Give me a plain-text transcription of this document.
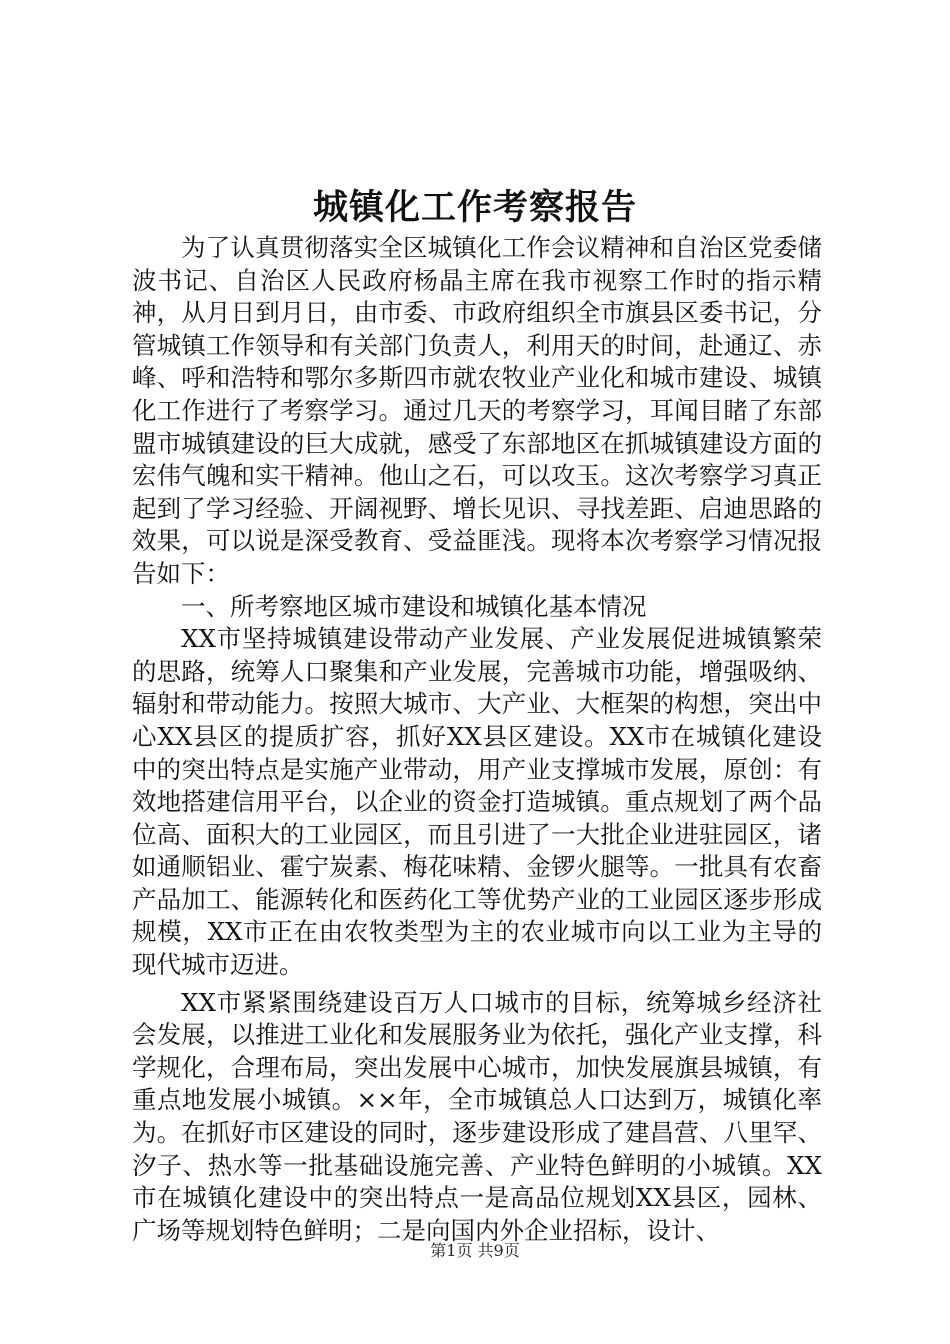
城镇化工作考察报告

为了认真贯彻落实全区城镇化工作会议精神和自治区党委储波书记、自治区人民政府杨晶主席在我市视察工作时的指示精神，从月日到月日，由市委、市政府组织全市旗县区委书记，分管城镇工作领导和有关部门负责人，利用天的时间，赴通辽、赤峰、呼和浩特和鄂尔多斯四市就农牧业产业化和城市建设、城镇化工作进行了考察学习。通过几天的考察学习，耳闻目睹了东部盟市城镇建设的巨大成就，感受了东部地区在抓城镇建设方面的宏伟气魄和实干精神。他山之石，可以攻玉。这次考察学习真正起到了学习经验、开阔视野、增长见识、寻找差距、启迪思路的效果，可以说是深受教育、受益匪浅。现将本次考察学习情况报告如下：

一、所考察地区城市建设和城镇化基本情况

XX市坚持城镇建设带动产业发展、产业发展促进城镇繁荣的思路，统筹人口聚集和产业发展，完善城市功能，增强吸纳、辐射和带动能力。按照大城市、大产业、大框架的构想，突出中心XX县区的提质扩容，抓好XX县区建设。XX市在城镇化建设中的突出特点是实施产业带动，用产业支撑城市发展，原创：有效地搭建信用平台，以企业的资金打造城镇。重点规划了两个品位高、面积大的工业园区，而且引进了一大批企业进驻园区，诸如通顺铝业、霍宁炭素、梅花味精、金锣火腿等。一批具有农畜产品加工、能源转化和医药化工等优势产业的工业园区逐步形成规模，XX市正在由农牧类型为主的农业城市向以工业为主导的现代城市迈进。

XX市紧紧围绕建设百万人口城市的目标，统筹城乡经济社会发展，以推进工业化和发展服务业为依托，强化产业支撑，科学规化，合理布局，突出发展中心城市，加快发展旗县城镇，有重点地发展小城镇。××年，全市城镇总人口达到万，城镇化率为。在抓好市区建设的同时，逐步建设形成了建昌营、八里罕、汐子、热水等一批基础设施完善、产业特色鲜明的小城镇。XX市在城镇化建设中的突出特点一是高品位规划XX县区，园林、广场等规划特色鲜明；二是向国内外企业招标，设计、

第1页 共9页
